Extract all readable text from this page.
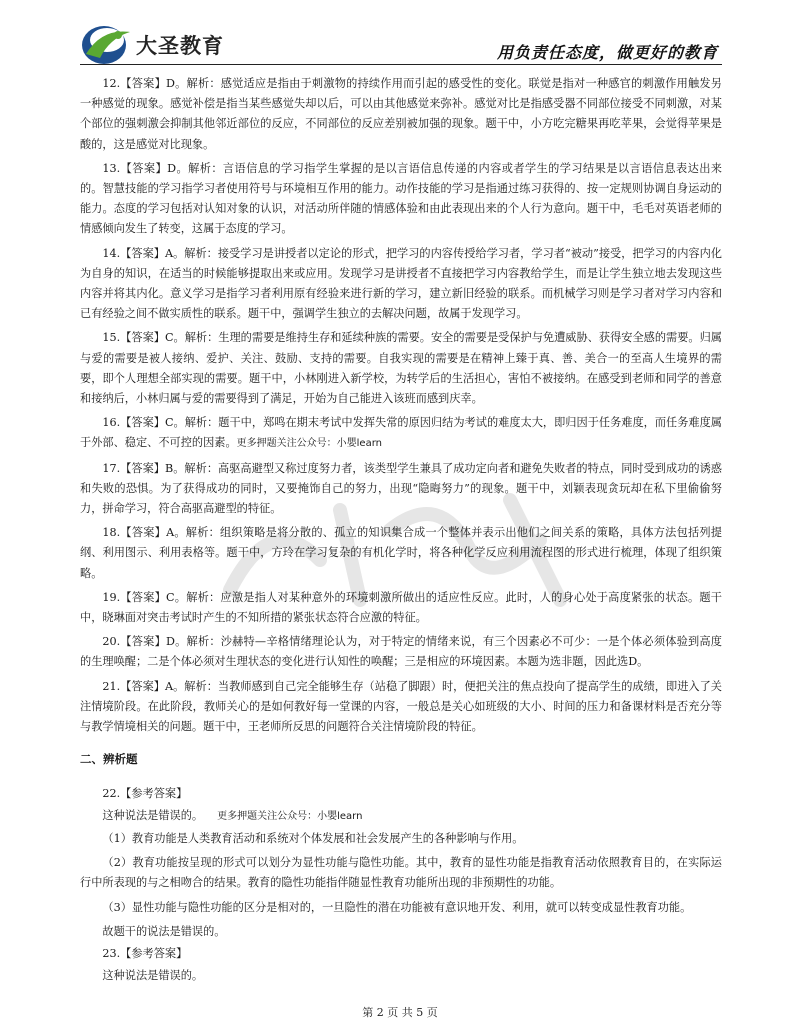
大圣教育	用负责任态度，做更好的教育

12.【答案】D。解析：感觉适应是指由于刺激物的持续作用而引起的感受性的变化。联觉是指对一种感官的刺激作用触发另一种感觉的现象。感觉补偿是指当某些感觉失却以后，可以由其他感觉来弥补。感觉对比是指感受器不同部位接受不同刺激，对某个部位的强刺激会抑制其他邻近部位的反应，不同部位的反应差别被加强的现象。题干中，小方吃完糖果再吃苹果，会觉得苹果是酸的，这是感觉对比现象。

13.【答案】D。解析：言语信息的学习指学生掌握的是以言语信息传递的内容或者学生的学习结果是以言语信息表达出来的。智慧技能的学习指学习者使用符号与环境相互作用的能力。动作技能的学习是指通过练习获得的、按一定规则协调自身运动的能力。态度的学习包括对认知对象的认识，对活动所伴随的情感体验和由此表现出来的个人行为意向。题干中，毛毛对英语老师的情感倾向发生了转变，这属于态度的学习。

14.【答案】A。解析：接受学习是讲授者以定论的形式，把学习的内容传授给学习者，学习者“被动”接受，把学习的内容内化为自身的知识，在适当的时候能够提取出来或应用。发现学习是讲授者不直接把学习内容教给学生，而是让学生独立地去发现这些内容并将其内化。意义学习是指学习者利用原有经验来进行新的学习，建立新旧经验的联系。而机械学习则是学习者对学习内容和已有经验之间不做实质性的联系。题干中，强调学生独立的去解决问题，故属于发现学习。

15.【答案】C。解析：生理的需要是维持生存和延续种族的需要。安全的需要是受保护与免遭威胁、获得安全感的需要。归属与爱的需要是被人接纳、爱护、关注、鼓励、支持的需要。自我实现的需要是在精神上臻于真、善、美合一的至高人生境界的需要，即个人理想全部实现的需要。题干中，小林刚进入新学校，为转学后的生活担心，害怕不被接纳。在感受到老师和同学的善意和接纳后，小林归属与爱的需要得到了满足，开始为自己能进入该班而感到庆幸。

16.【答案】C。解析：题干中，郑鸣在期末考试中发挥失常的原因归结为考试的难度太大，即归因于任务难度，而任务难度属于外部、稳定、不可控的因素。更多押题关注公众号：小嬰learn

17.【答案】B。解析：高驱高避型又称过度努力者，该类型学生兼具了成功定向者和避免失败者的特点，同时受到成功的诱惑和失败的恐惧。为了获得成功的同时，又要掩饰自己的努力，出现“隐晦努力”的现象。题干中，刘颖表现贪玩却在私下里偷偷努力，拼命学习，符合高驱高避型的特征。

18.【答案】A。解析：组织策略是将分散的、孤立的知识集合成一个整体并表示出他们之间关系的策略，具体方法包括列提纲、利用图示、利用表格等。题干中，方玲在学习复杂的有机化学时，将各种化学反应利用流程图的形式进行梳理，体现了组织策略。

19.【答案】C。解析：应激是指人对某种意外的环境刺激所做出的适应性反应。此时，人的身心处于高度紧张的状态。题干中，晓琳面对突击考试时产生的不知所措的紧张状态符合应激的特征。

20.【答案】D。解析：沙赫特—辛格情绪理论认为，对于特定的情绪来说，有三个因素必不可少：一是个体必须体验到高度的生理唤醒；二是个体必须对生理状态的变化进行认知性的唤醒；三是相应的环境因素。本题为选非题，因此选D。

21.【答案】A。解析：当教师感到自己完全能够生存（站稳了脚跟）时，便把关注的焦点投向了提高学生的成绩，即进入了关注情境阶段。在此阶段，教师关心的是如何教好每一堂课的内容，一般总是关心如班级的大小、时间的压力和备课材料是否充分等与教学情境相关的问题。题干中，王老师所反思的问题符合关注情境阶段的特征。

二、辨析题

22.【参考答案】

这种说法是错误的。 更多押题关注公众号：小嬰learn

（1）教育功能是人类教育活动和系统对个体发展和社会发展产生的各种影响与作用。

（2）教育功能按呈现的形式可以划分为显性功能与隐性功能。其中，教育的显性功能是指教育活动依照教育目的，在实际运行中所表现的与之相吻合的结果。教育的隐性功能指伴随显性教育功能所出现的非预期性的功能。

（3）显性功能与隐性功能的区分是相对的，一旦隐性的潜在功能被有意识地开发、利用，就可以转变成显性教育功能。

故题干的说法是错误的。

23.【参考答案】

这种说法是错误的。

第 2 页 共 5 页
